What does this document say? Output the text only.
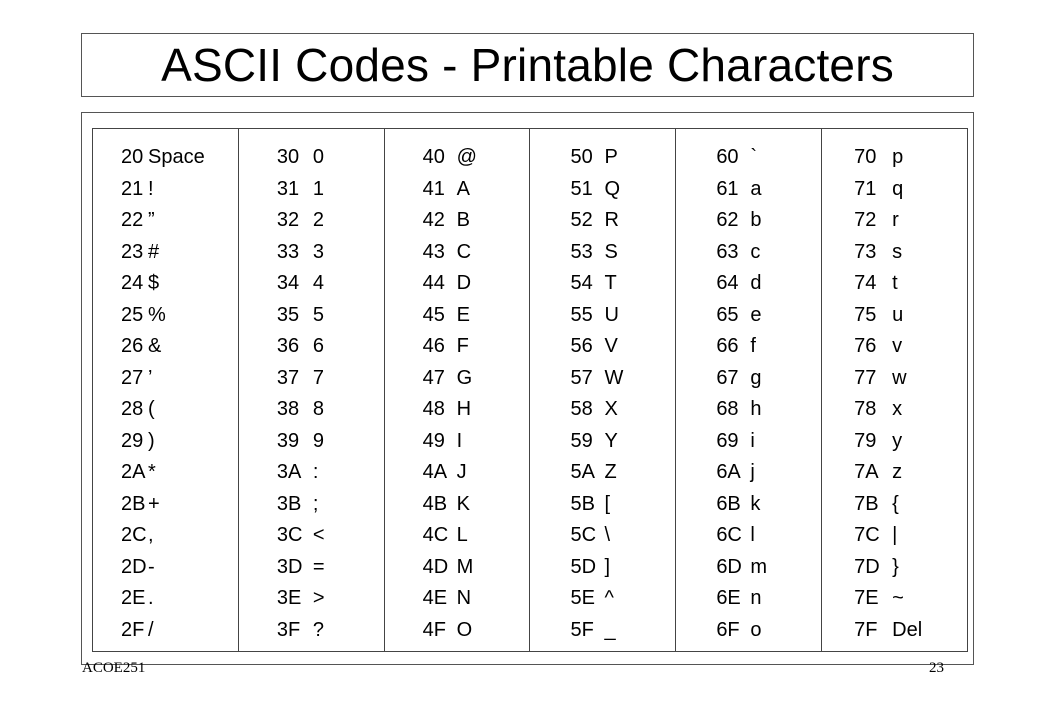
ASCII Codes - Printable Characters
20 Space
21 !
22 ”
23 #
24 $
25 %
26 &
27 ’
28 (
29 )
2A *
2B +
2C ,
2D -
2E .
2F /
30 0
31 1
32 2
33 3
34 4
35 5
36 6
37 7
38 8
39 9
3A :
3B ;
3C <
3D =
3E >
3F ?
40 @
41 A
42 B
43 C
44 D
45 E
46 F
47 G
48 H
49 I
4A J
4B K
4C L
4D M
4E N
4F O
50 P
51 Q
52 R
53 S
54 T
55 U
56 V
57 W
58 X
59 Y
5A Z
5B [
5C \
5D ]
5E ^
5F _
60 `
61 a
62 b
63 c
64 d
65 e
66 f
67 g
68 h
69 i
6A j
6B k
6C l
6D m
6E n
6F o
70 p
71 q
72 r
73 s
74 t
75 u
76 v
77 w
78 x
79 y
7A z
7B {
7C |
7D }
7E ~
7F Del
ACOE251	23
